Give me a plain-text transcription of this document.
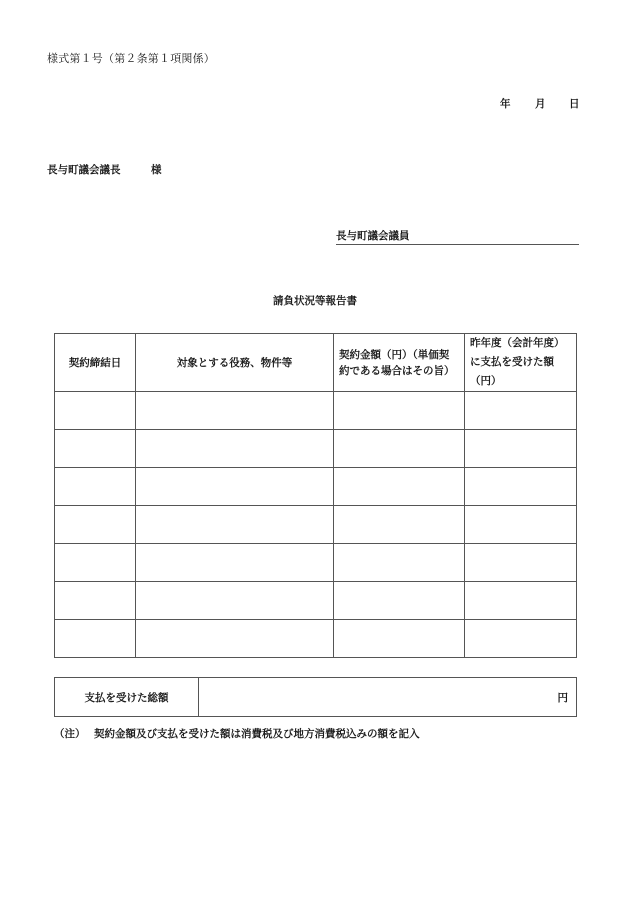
様式第１号（第２条第１項関係）
年 月 日
長与町議会議長	様
長与町議会議員
請負状況等報告書
契約締結日	対象とする役務、物件等	契約金額（円）（単価契約である場合はその旨）	昨年度（会計年度）に支払を受けた額（円）

支払を受けた総額	円
（注） 契約金額及び支払を受けた額は消費税及び地方消費税込みの額を記入
